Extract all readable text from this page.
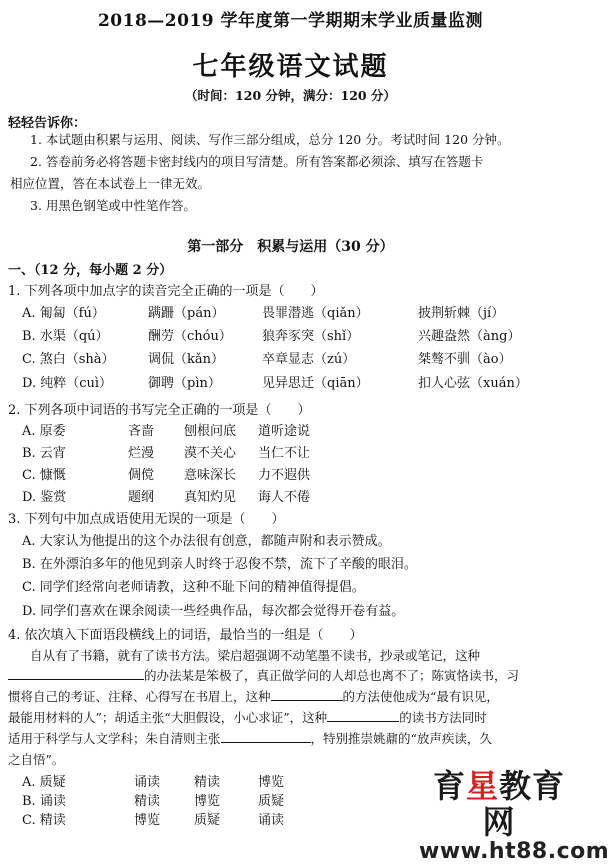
2018—2019 学年度第一学期期末学业质量监测
七年级语文试题
（时间：120 分钟，满分：120 分）
轻轻告诉你：
1. 本试题由积累与运用、阅读、写作三部分组成，总分 120 分。考试时间 120 分钟。
2. 答卷前务必将答题卡密封线内的项目写清楚。所有答案都必须涂、填写在答题卡
相应位置，答在本试卷上一律无效。
3. 用黑色钢笔或中性笔作答。
第一部分　积累与运用（30 分）
一、（12 分，每小题 2 分）
1. 下列各项中加点字的读音完全正确的一项是（　　）
A. 匍匐（fú）	蹒跚（pán）	畏罪潜逃（qiǎn）	披荆斩棘（jí）
B. 水渠（qú）	酬劳（chóu） 狼奔豕突（shǐ）	兴趣盎然（àng）
C. 煞白（shà）	调侃（kǎn）	卒章显志（zú）	桀骜不驯（ào）
D. 纯粹（cuì）	御聘（pìn）	见异思迁（qiān）	扣人心弦（xuán）
2. 下列各项中词语的书写完全正确的一项是（　　）
A. 原委	吝啬 刨根问底 道听途说
B. 云宵	烂漫 漠不关心 当仁不让
C. 慷慨	倜傥 意味深长 力不遐供
D. 鉴赏	题纲 真知灼见 诲人不倦
3. 下列句中加点成语使用无误的一项是（　　）
A. 大家认为他提出的这个办法很有创意，都随声附和表示赞成。
B. 在外漂泊多年的他见到亲人时终于忍俊不禁，流下了辛酸的眼泪。
C. 同学们经常向老师请教，这种不耻下问的精神值得提倡。
D. 同学们喜欢在课余阅读一些经典作品，每次都会觉得开卷有益。
4. 依次填入下面语段横线上的词语，最恰当的一组是（　　）
自从有了书籍，就有了读书方法。梁启超强调不动笔墨不读书，抄录或笔记，这种
的办法某是笨极了，真正做学问的人却总也离不了；陈寅恪读书，习
惯将自己的考证、注释、心得写在书眉上，这种	的方法使他成为“最有识见，
最能用材料的人”；胡适主张“大胆假设，小心求证”，这种	的读书方法同时
适用于科学与人文学科；朱自清则主张	，特别推崇姚鼐的“放声疾读，久
之自悟”。
A. 质疑	诵读	精读	博览
B. 诵读	精读	博览	质疑
C. 精读	博览	质疑	诵读
育星教育网
www.ht88.com
